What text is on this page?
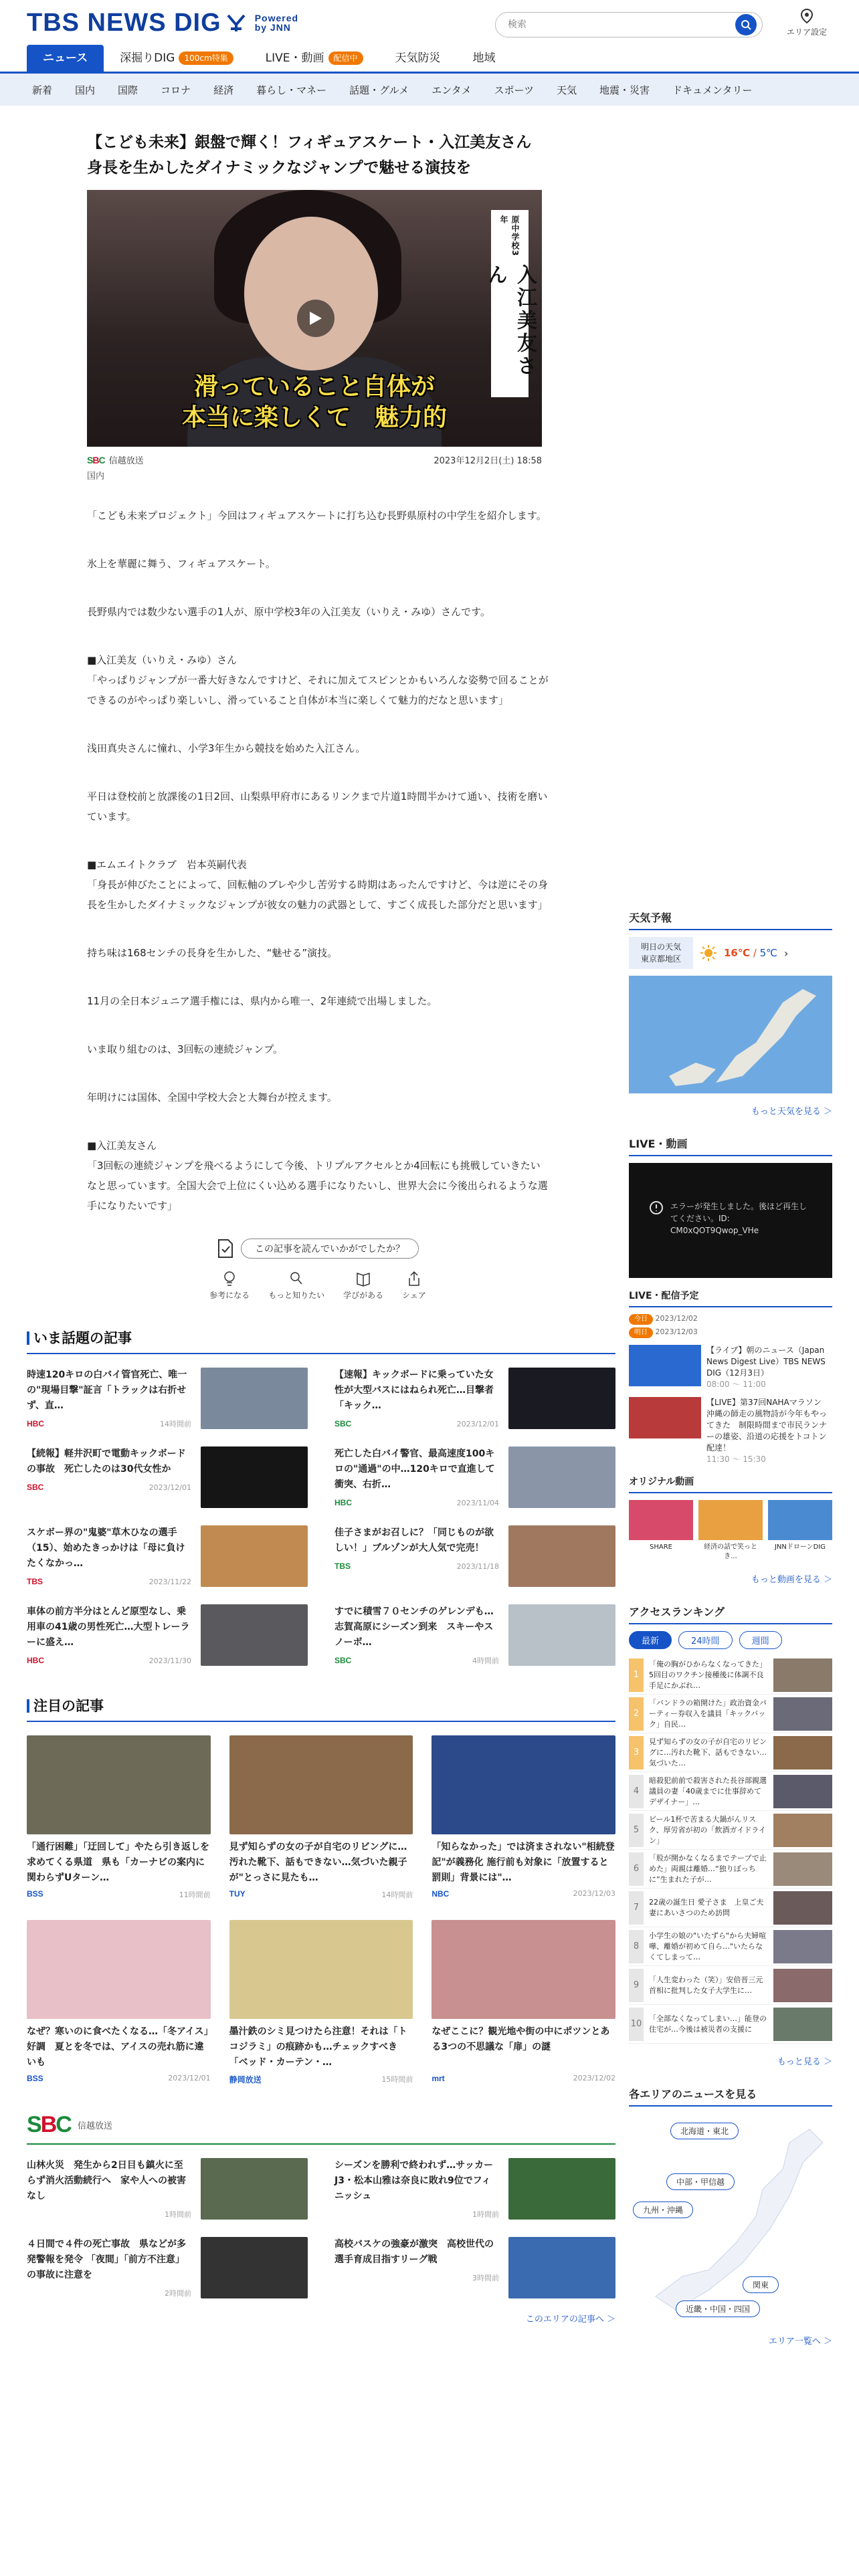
TBS NEWS DIG	Powered
by JNN
検索	エリア設定
ニュース	深掘りDIG	100cm特集	LIVE・動画	配信中	天気防災	地域
新着 国内 国際 コロナ 経済 暮らし・マネー 話題・グルメ エンタメ スポーツ 天気 地震・災害 ドキュメンタリー
【こども未来】銀盤で輝く！フィギュアスケート・入江美友さん　身長を生かしたダイナミックなジャンプで魅せる演技を
原中学校3年
入江美友さん
滑っていること自体が
本当に楽しくて　魅力的
SBC 信越放送	2023年12月2日(土) 18:58
国内

「こども未来プロジェクト」今回はフィギュアスケートに打ち込む長野県原村の中学生を紹介します。

氷上を華麗に舞う、フィギュアスケート。

長野県内では数少ない選手の1人が、原中学校3年の入江美友（いりえ・みゆ）さんです。

■入江美友（いりえ・みゆ）さん
「やっぱりジャンプが一番大好きなんですけど、それに加えてスピンとかもいろんな姿勢で回ることができるのがやっぱり楽しいし、滑っていること自体が本当に楽しくて魅力的だなと思います」

浅田真央さんに憧れ、小学3年生から競技を始めた入江さん。

平日は登校前と放課後の1日2回、山梨県甲府市にあるリンクまで片道1時間半かけて通い、技術を磨いています。

■エムエイトクラブ　岩本英嗣代表
「身長が伸びたことによって、回転軸のブレや少し苦労する時期はあったんですけど、今は逆にその身長を生かしたダイナミックなジャンプが彼女の魅力の武器として、すごく成長した部分だと思います」

持ち味は168センチの長身を生かした、“魅せる”演技。

11月の全日本ジュニア選手権には、県内から唯一、2年連続で出場しました。

いま取り組むのは、3回転の連続ジャンプ。

年明けには国体、全国中学校大会と大舞台が控えます。

■入江美友さん
「3回転の連続ジャンプを飛べるようにして今後、トリプルアクセルとか4回転にも挑戦していきたいなと思っています。全国大会で上位にくい込める選手になりたいし、世界大会に今後出られるような選手になりたいです」

この記事を読んでいかがでしたか？
参考になる もっと知りたい 学びがある シェア
いま話題の記事
時速120キロの白バイ管官死亡、唯一の"現場目撃"証言「トラックは右折せず、直…
HBC	14時間前
【速報】キックボードに乗っていた女性が大型バスにはねられ死亡…目撃者「キック…
SBC	2023/12/01
【続報】軽井沢町で電動キックボードの事故　死亡したのは30代女性か
SBC	2023/12/01
死亡した白バイ警官、最高速度100キロの"通過"の中…120キロで直進して衝突、右折…
HBC	2023/11/04
スケボー界の"鬼婆"草木ひなの選手（15）、始めたきっかけは「母に負けたくなかっ…
TBS	2023/11/22
佳子さまがお召しに？「同じものが欲しい！」ブルゾンが大人気で完売！
TBS	2023/11/18
車体の前方半分はとんど原型なし、乗用車の41歳の男性死亡…大型トレーラーに盛え…
HBC	2023/11/30
すでに積雪７０センチのゲレンデも…志賀高原にシーズン到来　スキーやスノーボ…
SBC	4時間前
注目の記事
「通行困難」「迂回して」やたら引き返しを求めてくる県道　県も「カーナビの案内に関わらずUターン…
BSS	11時間前
見ず知らずの女の子が自宅のリビングに…汚れた靴下、話もできない…気づいた親子が"とっさに見たも…
TUY	14時間前
「知らなかった」では済まされない"相続登記"が義務化 施行前も対象に「放置すると罰則」背景には"…
NBC	2023/12/03
なぜ？寒いのに食べたくなる…「冬アイス」好調　夏とを冬では、アイスの売れ筋に違いも
BSS	2023/12/01
墨汁鉄のシミ見つけたら注意！それは「トコジラミ」の痕跡かも…チェックすべき「ベッド・カーテン・…
静岡放送	15時間前
なぜここに？観光地や街の中にポツンとある3つの不思議な「扉」の謎
mrt	2023/12/02
SBC 信越放送
山林火災　発生から2日目も鎮火に至らず消火活動続行へ　家や人への被害なし
1時間前
シーズンを勝利で終われず…サッカーJ3・松本山雅は奈良に敗れ9位でフィニッシュ
1時間前
４日間で４件の死亡事故　県などが多発警報を発令 「夜間」「前方不注意」の事故に注意を
2時間前
高校バスケの強豪が激突　高校世代の選手育成目指すリーグ戦
3時間前
このエリアの記事へ ＞
天気予報
明日の天気
東京都地区	16℃ / 5℃ ›
もっと天気を見る ＞
LIVE・動画
エラーが発生しました。後ほど再生してください。ID: CM0xQOT9Qwop_VHe
LIVE・配信予定
今日 2023/12/02
明日 2023/12/03
【ライブ】朝のニュース（Japan News Digest Live）TBS NEWS DIG（12月3日）
08:00 ～ 11:00
【LIVE】第37回NAHAマラソン　沖縄の師走の風物詩が今年もやってきた　制限時間まで市民ランナーの雄姿、沿道の応援をトコトン配達！
11:30 ～ 15:30
オリジナル動画
SHARE	経済の話で笑っとき...
JNNドローンDIG
もっと動画を見る ＞
アクセスランキング
最新	24時間	週間
1
「俺の胸がひからなくなってきた」5回目のワクチン接種後に体調不良 手足にかぶれ…
2
「バンドラの箱開けた」政治資金パーティー券収入を議員「キックバック」自民…
3
見ず知らずの女の子が自宅のリビングに…汚れた靴下、話もできない…気づいた…
4
暗殺犯前前で殺害された長谷部親選議員の妻「40歳までに仕事辞めてデザイナー」…
5
ビール1杯で苦まる大鍋がんリスク、厚労省が初の「飲酒ガイドライン」
6
「股が開かなくなるまでテープで止めた」両親は離婚…“独りぼっちに”生まれた子が…
7
22歳の誕生日 愛子さま　上皇ご夫妻にあいさつのため訪問
8
小学生の娘の"いたずら"から夫婦喧嘩、離婚が初めて自ら…"いたらなくてしまって…
9
「人生変わった（笑）」安倍晋三元首相に批判した女子大学生に…
10
「全部なくなってしまい…」能登の住宅が…今後は被災者の支援に
もっと見る ＞
各エリアのニュースを見る
北海道・東北
中部・甲信越
九州・沖縄
関東
近畿・中国・四国
エリア一覧へ ＞
